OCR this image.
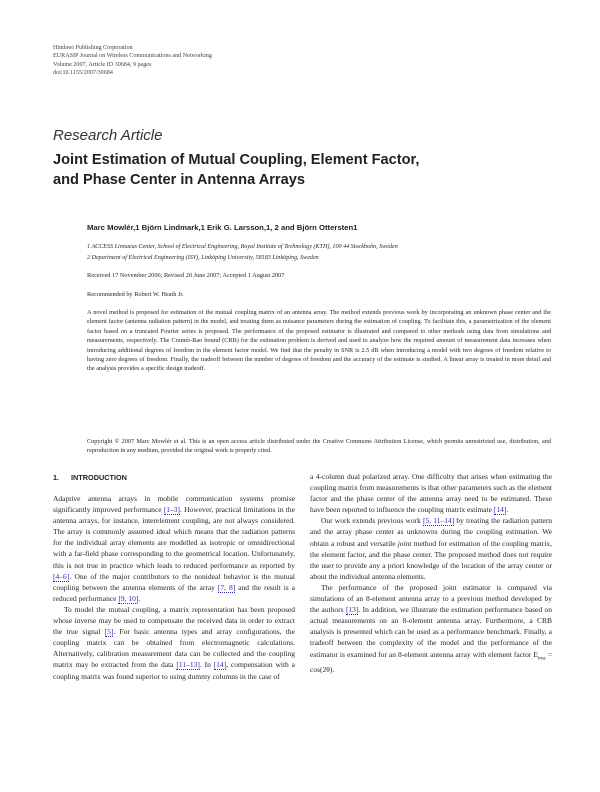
Hindawi Publishing Corporation
EURASIP Journal on Wireless Communications and Networking
Volume 2007, Article ID 30684, 9 pages
doi:10.1155/2007/30684
Research Article
Joint Estimation of Mutual Coupling, Element Factor,
and Phase Center in Antenna Arrays
Marc Mowlér,1 Björn Lindmark,1 Erik G. Larsson,1, 2 and Björn Ottersten1
1 ACCESS Linnaeus Center, School of Electrical Engineering, Royal Institute of Technology (KTH), 100 44 Stockholm, Sweden
2 Department of Electrical Engineering (ISY), Linköping University, 58183 Linköping, Sweden
Received 17 November 2006; Revised 20 June 2007; Accepted 1 August 2007
Recommended by Robert W. Heath Jr.
A novel method is proposed for estimation of the mutual coupling matrix of an antenna array. The method extends previous work by incorporating an unknown phase center and the element factor (antenna radiation pattern) in the model, and treating them as nuisance parameters during the estimation of coupling. To facilitate this, a parametrization of the element factor based on a truncated Fourier series is proposed. The performance of the proposed estimator is illustrated and compared to other methods using data from simulations and measurements, respectively. The Cramér-Rao bound (CRB) for the estimation problem is derived and used to analyze how the required amount of measurement data increases when introducing additional degrees of freedom in the element factor model. We find that the penalty in SNR is 2.5 dB when introducing a model with two degrees of freedom relative to having zero degrees of freedom. Finally, the tradeoff between the number of degrees of freedom and the accuracy of the estimate is studied. A linear array is treated in more detail and the analysis provides a specific design tradeoff.
Copyright © 2007 Marc Mowlér et al. This is an open access article distributed under the Creative Commons Attribution License, which permits unrestricted use, distribution, and reproduction in any medium, provided the original work is properly cited.
1. INTRODUCTION

Adaptive antenna arrays in mobile communication systems promise significantly improved performance [1–3]. However, practical limitations in the antenna arrays, for instance, interelement coupling, are not always considered. The array is commonly assumed ideal which means that the radiation patterns for the individual array elements are modelled as isotropic or omnidirectional with a far-field phase corresponding to the geometrical location. Unfortunately, this is not true in practice which leads to reduced performance as reported by [4–6]. One of the major contributors to the nonideal behavior is the mutual coupling between the antenna elements of the array [7, 8] and the result is a reduced performance [9, 10].

To model the mutual coupling, a matrix representation has been proposed whose inverse may be used to compensate the received data in order to extract the true signal [5]. For basic antenna types and array configurations, the coupling matrix can be obtained from electromagnetic calculations. Alternatively, calibration measurement data can be collected and the coupling matrix may be extracted from the data [11–13]. In [14], compensation with a coupling matrix was found superior to using dummy columns in the case of

a 4-column dual polarized array. One difficulty that arises when estimating the coupling matrix from measurements is that other parameters such as the element factor and the phase center of the antenna array need to be estimated. These have been reported to influence the coupling matrix estimate [14].

Our work extends previous work [5, 11–14] by treating the radiation pattern and the array phase center as unknowns during the coupling estimation. We obtain a robust and versatile joint method for estimation of the coupling matrix, the element factor, and the phase center. The proposed method does not require the user to provide any a priori knowledge of the location of the array center or about the individual antenna elements.

The performance of the proposed joint estimator is compared via simulations of an 8-element antenna array to a previous method developed by the authors [13]. In addition, we illustrate the estimation performance based on actual measurements on an 8-element antenna array. Furthermore, a CRB analysis is presented which can be used as a performance benchmark. Finally, a tradeoff between the complexity of the model and the performance of the estimator is examined for an 8-element antenna array with element factor $E_{true} = \cos(2\theta)$.
